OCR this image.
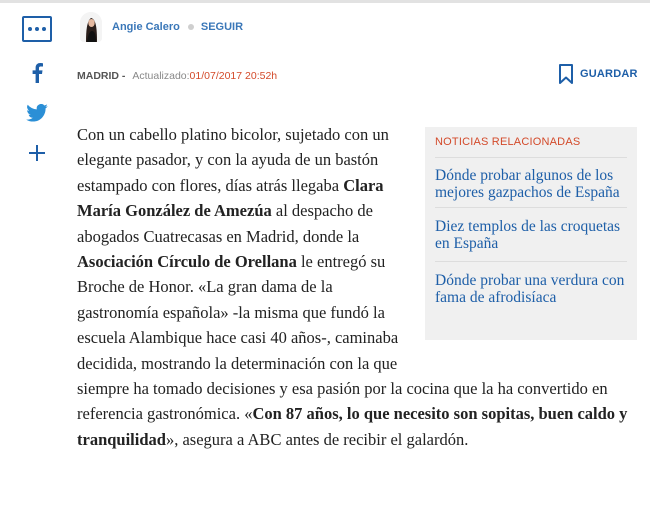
Angie Calero SEGUIR
MADRID - Actualizado:01/07/2017 20:52h	GUARDAR
NOTICIAS RELACIONADAS
Dónde probar algunos de los mejores gazpachos de España
Diez templos de las croquetas en España
Dónde probar una verdura con fama de afrodisíaca

Con un cabello platino bicolor, sujetado con un elegante pasador, y con la ayuda de un bastón estampado con flores, días atrás llegaba Clara María González de Amezúa al despacho de abogados Cuatrecasas en Madrid, donde la Asociación Círculo de Orellana le entregó su Broche de Honor. «La gran dama de la gastronomía española» -la misma que fundó la escuela Alambique hace casi 40 años-, caminaba decidida, mostrando la determinación con la que siempre ha tomado decisiones y esa pasión por la cocina que la ha convertido en referencia gastronómica. «Con 87 años, lo que necesito son sopitas, buen caldo y tranquilidad», asegura a ABC antes de recibir el galardón.
